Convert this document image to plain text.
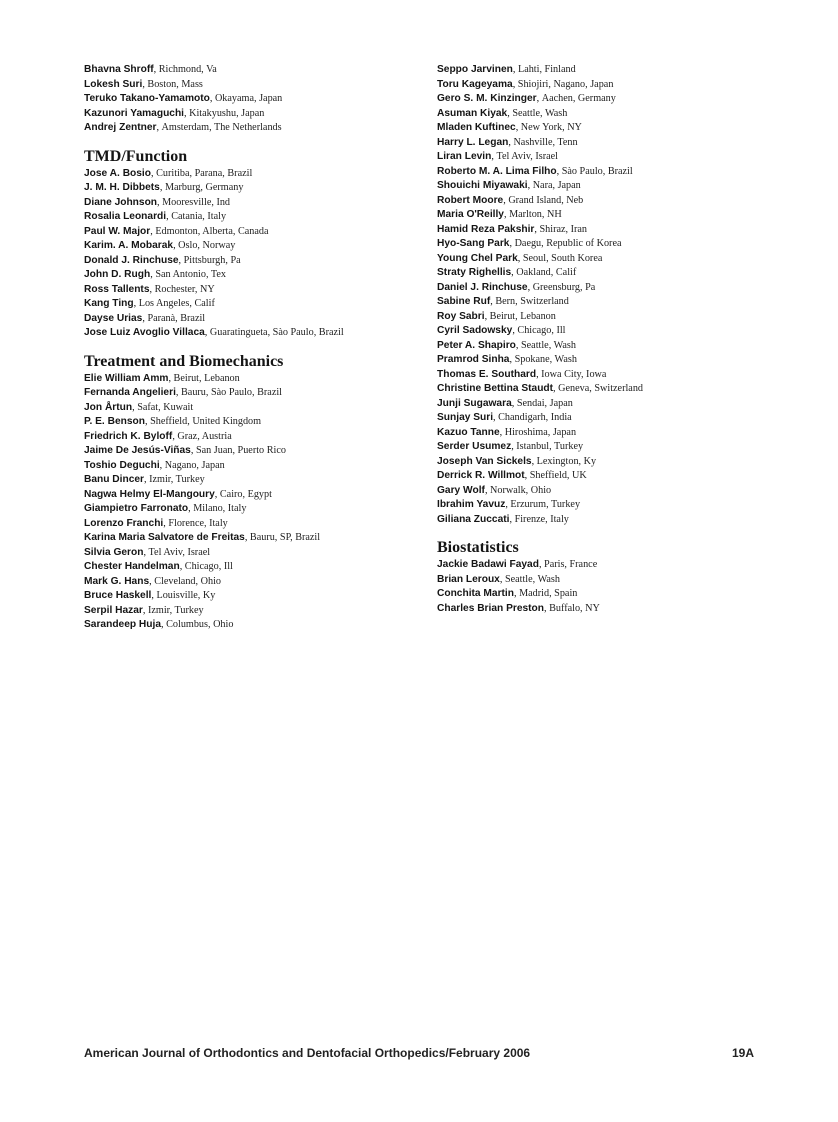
Bhavna Shroff, Richmond, Va
Lokesh Suri, Boston, Mass
Teruko Takano-Yamamoto, Okayama, Japan
Kazunori Yamaguchi, Kitakyushu, Japan
Andrej Zentner, Amsterdam, The Netherlands
TMD/Function
Jose A. Bosio, Curitiba, Parana, Brazil
J. M. H. Dibbets, Marburg, Germany
Diane Johnson, Mooresville, Ind
Rosalia Leonardi, Catania, Italy
Paul W. Major, Edmonton, Alberta, Canada
Karim. A. Mobarak, Oslo, Norway
Donald J. Rinchuse, Pittsburgh, Pa
John D. Rugh, San Antonio, Tex
Ross Tallents, Rochester, NY
Kang Ting, Los Angeles, Calif
Dayse Urias, Paranà, Brazil
Jose Luiz Avoglio Villaca, Guaratingueta, Sào Paulo, Brazil
Treatment and Biomechanics
Elie William Amm, Beirut, Lebanon
Fernanda Angelieri, Bauru, Sào Paulo, Brazil
Jon Årtun, Safat, Kuwait
P. E. Benson, Sheffield, United Kingdom
Friedrich K. Byloff, Graz, Austria
Jaime De Jesús-Viñas, San Juan, Puerto Rico
Toshio Deguchi, Nagano, Japan
Banu Dincer, Izmir, Turkey
Nagwa Helmy El-Mangoury, Cairo, Egypt
Giampietro Farronato, Milano, Italy
Lorenzo Franchi, Florence, Italy
Karina Maria Salvatore de Freitas, Bauru, SP, Brazil
Silvia Geron, Tel Aviv, Israel
Chester Handelman, Chicago, Ill
Mark G. Hans, Cleveland, Ohio
Bruce Haskell, Louisville, Ky
Serpil Hazar, Izmir, Turkey
Sarandeep Huja, Columbus, Ohio
Seppo Jarvinen, Lahti, Finland
Toru Kageyama, Shiojiri, Nagano, Japan
Gero S. M. Kinzinger, Aachen, Germany
Asuman Kiyak, Seattle, Wash
Mladen Kuftinec, New York, NY
Harry L. Legan, Nashville, Tenn
Liran Levin, Tel Aviv, Israel
Roberto M. A. Lima Filho, Sào Paulo, Brazil
Shouichi Miyawaki, Nara, Japan
Robert Moore, Grand Island, Neb
Maria O'Reilly, Marlton, NH
Hamid Reza Pakshir, Shiraz, Iran
Hyo-Sang Park, Daegu, Republic of Korea
Young Chel Park, Seoul, South Korea
Straty Righellis, Oakland, Calif
Daniel J. Rinchuse, Greensburg, Pa
Sabine Ruf, Bern, Switzerland
Roy Sabri, Beirut, Lebanon
Cyril Sadowsky, Chicago, Ill
Peter A. Shapiro, Seattle, Wash
Pramrod Sinha, Spokane, Wash
Thomas E. Southard, Iowa City, Iowa
Christine Bettina Staudt, Geneva, Switzerland
Junji Sugawara, Sendai, Japan
Sunjay Suri, Chandigarh, India
Kazuo Tanne, Hiroshima, Japan
Serder Usumez, Istanbul, Turkey
Joseph Van Sickels, Lexington, Ky
Derrick R. Willmot, Sheffield, UK
Gary Wolf, Norwalk, Ohio
Ibrahim Yavuz, Erzurum, Turkey
Giliana Zuccati, Firenze, Italy
Biostatistics
Jackie Badawi Fayad, Paris, France
Brian Leroux, Seattle, Wash
Conchita Martin, Madrid, Spain
Charles Brian Preston, Buffalo, NY
American Journal of Orthodontics and Dentofacial Orthopedics/February 2006	19A
